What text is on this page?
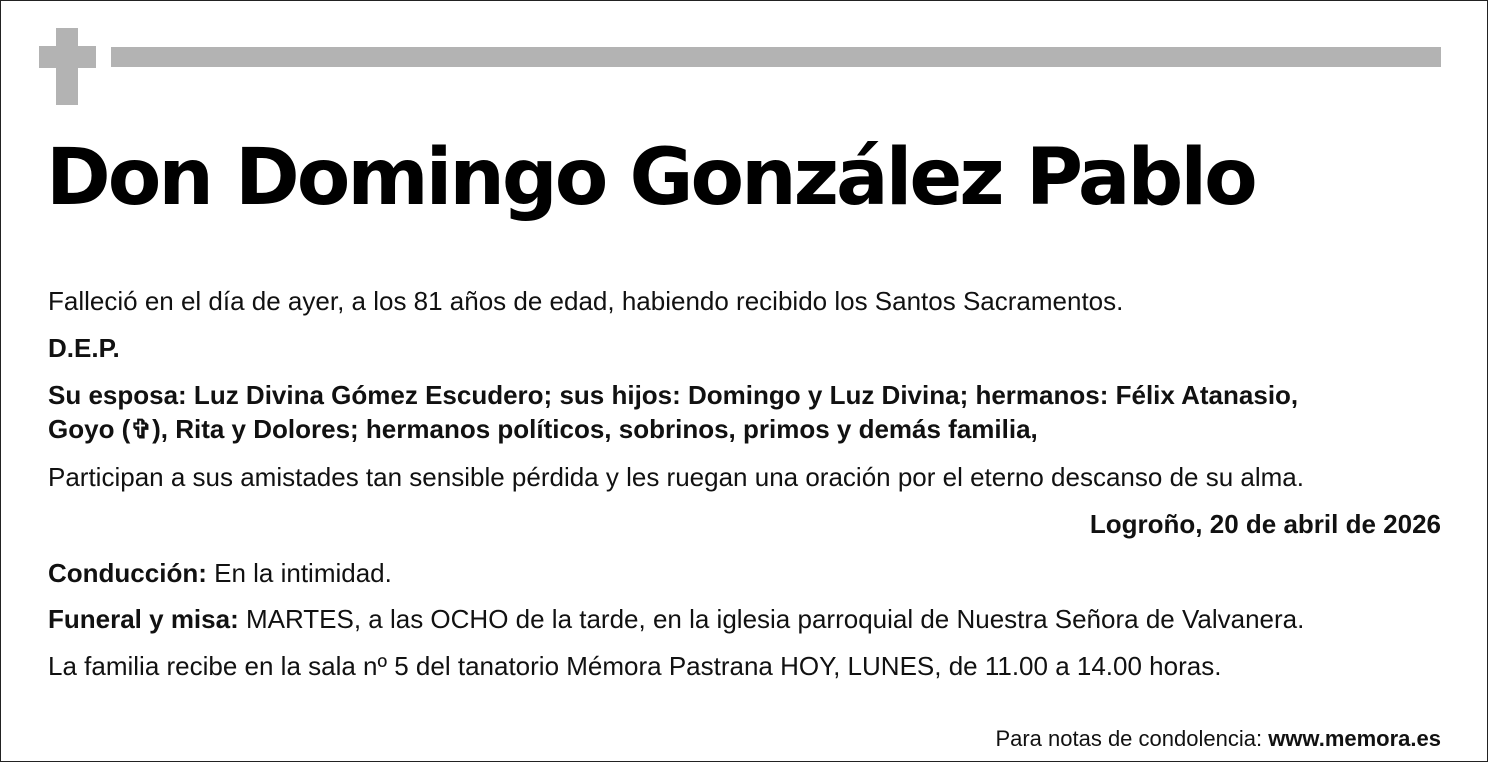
Don Domingo González Pablo
Falleció en el día de ayer, a los 81 años de edad, habiendo recibido los Santos Sacramentos.
D.E.P.
Su esposa: Luz Divina Gómez Escudero; sus hijos: Domingo y Luz Divina; hermanos: Félix Atanasio,
Goyo (✞), Rita y Dolores; hermanos políticos, sobrinos, primos y demás familia,
Participan a sus amistades tan sensible pérdida y les ruegan una oración por el eterno descanso de su alma.
Logroño, 20 de abril de 2026
Conducción: En la intimidad.
Funeral y misa: MARTES, a las OCHO de la tarde, en la iglesia parroquial de Nuestra Señora de Valvanera.
La familia recibe en la sala nº 5 del tanatorio Mémora Pastrana HOY, LUNES, de 11.00 a 14.00 horas.
Para notas de condolencia: www.memora.es
